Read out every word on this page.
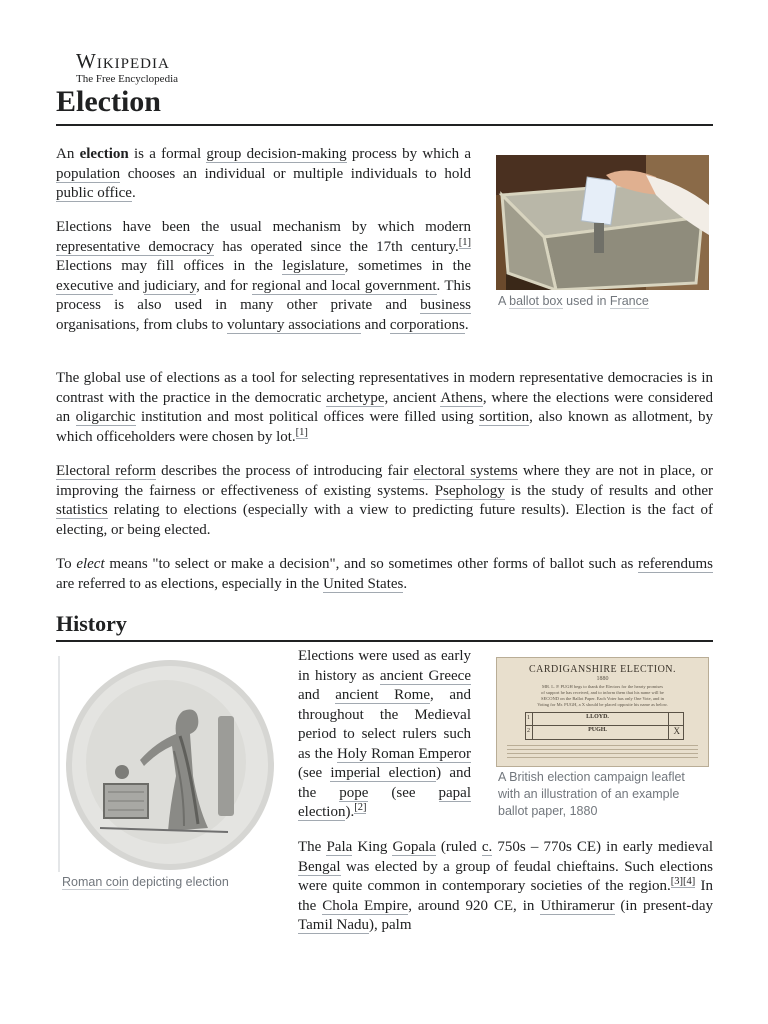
Wikipedia
The Free Encyclopedia
Election

A ballot box used in France

An election is a formal group decision-making process by which a population chooses an individual or multiple individuals to hold public office.

Elections have been the usual mechanism by which modern representative democracy has operated since the 17th century.[1] Elections may fill offices in the legislature, sometimes in the executive and judiciary, and for regional and local government. This process is also used in many other private and business organisations, from clubs to voluntary associations and corporations.

The global use of elections as a tool for selecting representatives in modern representative democracies is in contrast with the practice in the democratic archetype, ancient Athens, where the elections were considered an oligarchic institution and most political offices were filled using sortition, also known as allotment, by which officeholders were chosen by lot.[1]

Electoral reform describes the process of introducing fair electoral systems where they are not in place, or improving the fairness or effectiveness of existing systems. Psephology is the study of results and other statistics relating to elections (especially with a view to predicting future results). Election is the fact of electing, or being elected.

To elect means "to select or make a decision", and so sometimes other forms of ballot such as referendums are referred to as elections, especially in the United States.

History

Roman coin depicting election

CARDIGANSHIRE ELECTION.
1880
MR. L. P. PUGH begs to thank the Electors for the hearty promises
of support he has received, and to inform them that his name will be
SECOND on the Ballot Paper. Each Voter has only One Vote, and in
Voting for Mr. PUGH, a X should be placed opposite his name as below.
1	LLOYD.
2	PUGH.	X

A British election campaign leaflet with an illustration of an example ballot paper, 1880

Elections were used as early in history as ancient Greece and ancient Rome, and throughout the Medieval period to select rulers such as the Holy Roman Emperor (see imperial election) and the pope (see papal election).[2]

The Pala King Gopala (ruled c. 750s – 770s CE) in early medieval Bengal was elected by a group of feudal chieftains. Such elections were quite common in contemporary societies of the region.[3][4] In the Chola Empire, around 920 CE, in Uthiramerur (in present-day Tamil Nadu), palm
